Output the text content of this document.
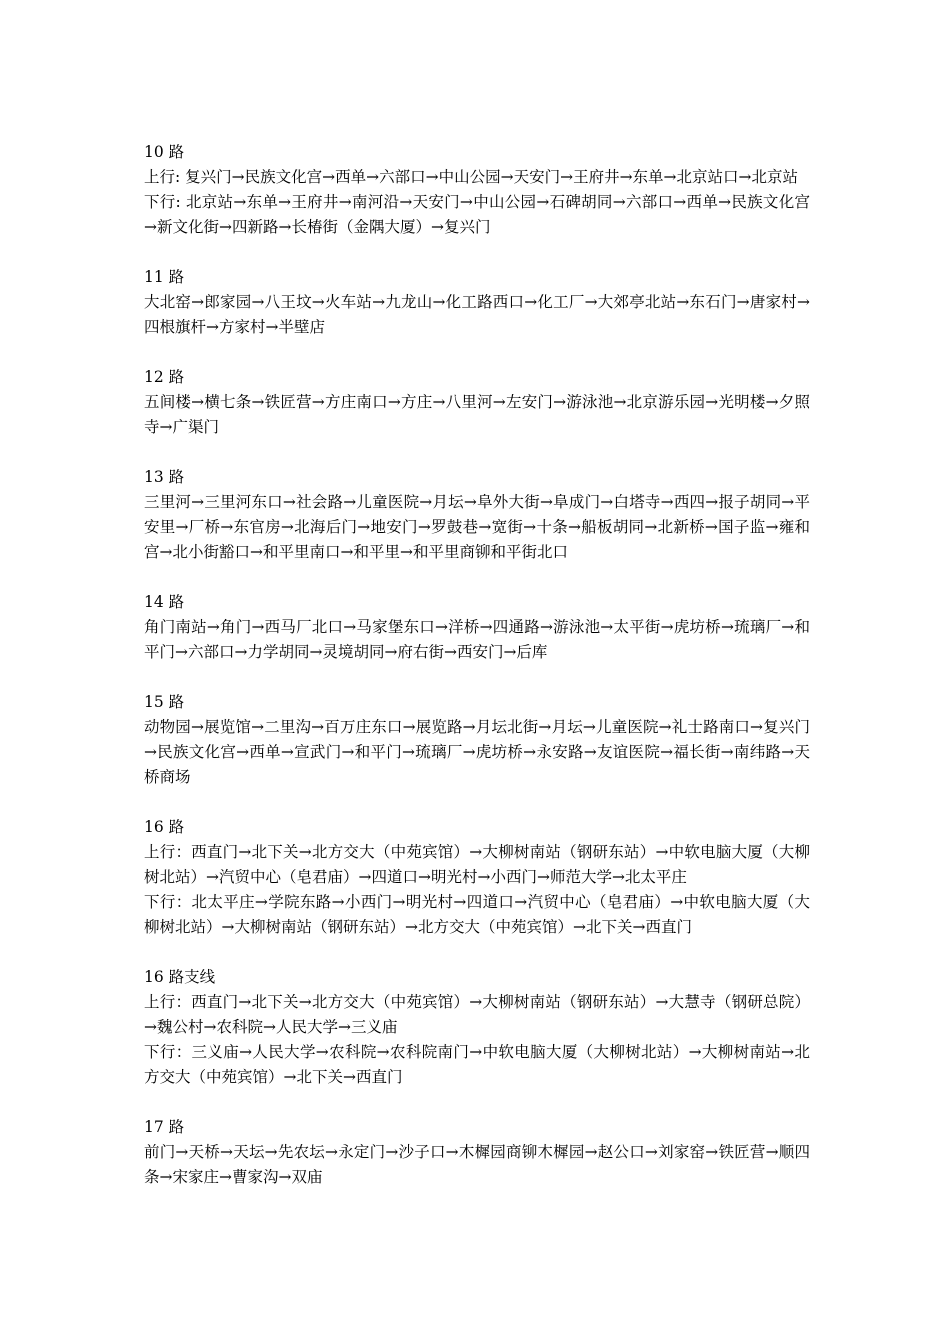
10 路
上行: 复兴门→民族文化宫→西单→六部口→中山公园→天安门→王府井→东单→北京站口→北京站
下行: 北京站→东单→王府井→南河沿→天安门→中山公园→石碑胡同→六部口→西单→民族文化宫→新文化街→四新路→长椿街（金隅大厦）→复兴门
11 路
大北窑→郎家园→八王坟→火车站→九龙山→化工路西口→化工厂→大郊亭北站→东石门→唐家村→四根旗杆→方家村→半壁店
12 路
五间楼→横七条→铁匠营→方庄南口→方庄→八里河→左安门→游泳池→北京游乐园→光明楼→夕照寺→广渠门
13 路
三里河→三里河东口→社会路→儿童医院→月坛→阜外大街→阜成门→白塔寺→西四→报子胡同→平安里→厂桥→东官房→北海后门→地安门→罗鼓巷→宽街→十条→船板胡同→北新桥→国子监→雍和宫→北小街豁口→和平里南口→和平里→和平里商铆和平街北口
14 路
角门南站→角门→西马厂北口→马家堡东口→洋桥→四通路→游泳池→太平街→虎坊桥→琉璃厂→和平门→六部口→力学胡同→灵境胡同→府右街→西安门→后库
15 路
动物园→展览馆→二里沟→百万庄东口→展览路→月坛北街→月坛→儿童医院→礼士路南口→复兴门→民族文化宫→西单→宣武门→和平门→琉璃厂→虎坊桥→永安路→友谊医院→福长街→南纬路→天桥商场
16 路
上行：西直门→北下关→北方交大（中苑宾馆）→大柳树南站（钢研东站）→中软电脑大厦（大柳树北站）→汽贸中心（皂君庙）→四道口→明光村→小西门→师范大学→北太平庄
下行：北太平庄→学院东路→小西门→明光村→四道口→汽贸中心（皂君庙）→中软电脑大厦（大柳树北站）→大柳树南站（钢研东站）→北方交大（中苑宾馆）→北下关→西直门
16 路支线
上行：西直门→北下关→北方交大（中苑宾馆）→大柳树南站（钢研东站）→大慧寺（钢研总院）→魏公村→农科院→人民大学→三义庙
下行：三义庙→人民大学→农科院→农科院南门→中软电脑大厦（大柳树北站）→大柳树南站→北方交大（中苑宾馆）→北下关→西直门
17 路
前门→天桥→天坛→先农坛→永定门→沙子口→木樨园商铆木樨园→赵公口→刘家窑→铁匠营→顺四条→宋家庄→曹家沟→双庙
